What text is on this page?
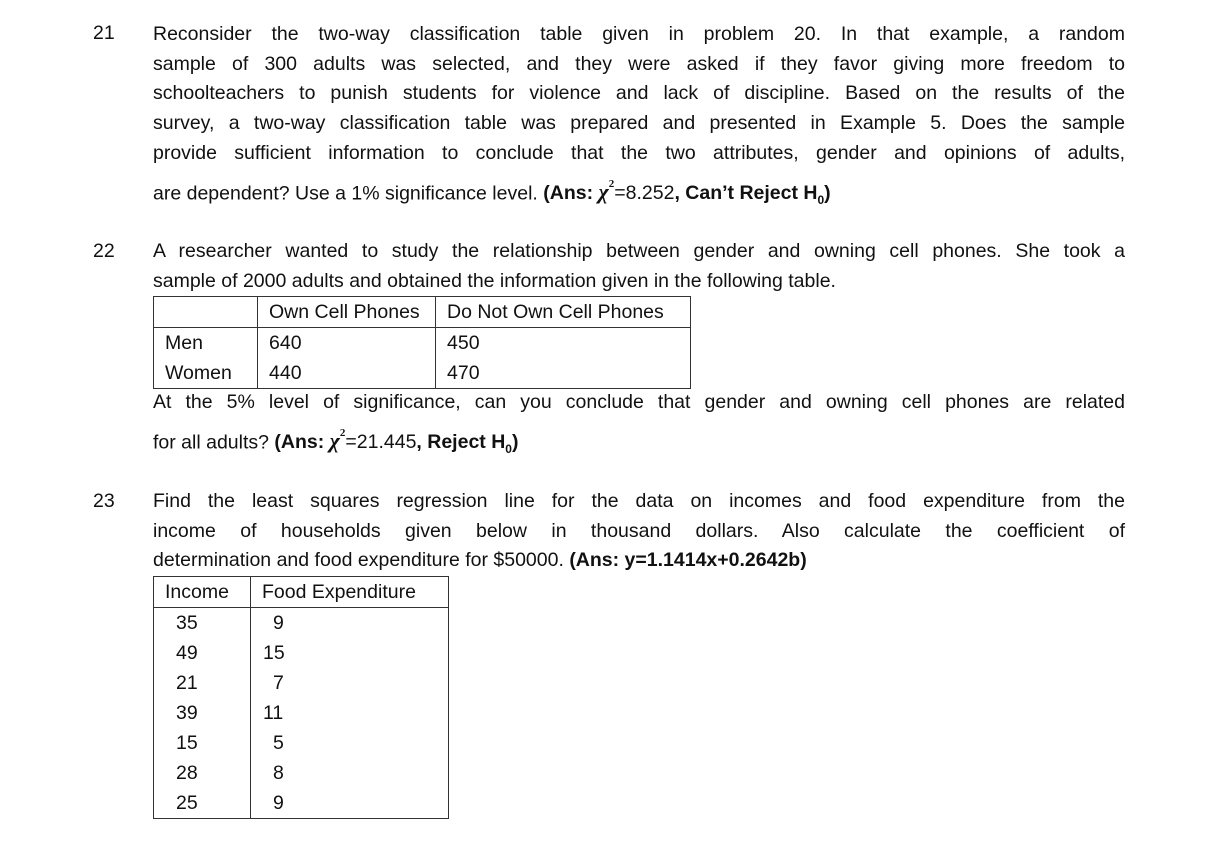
21 Reconsider the two-way classification table given in problem 20. In that example, a random
sample of 300 adults was selected, and they were asked if they favor giving more freedom to
schoolteachers to punish students for violence and lack of discipline. Based on the results of the
survey, a two-way classification table was prepared and presented in Example 5. Does the sample
provide sufficient information to conclude that the two attributes, gender and opinions of adults,
are dependent? Use a 1% significance level. (Ans: $\chi^2=8.252$, Can’t Reject $H_0$)
22 A researcher wanted to study the relationship between gender and owning cell phones. She took a
sample of 2000 adults and obtained the information given in the following table.
	Own Cell Phones	Do Not Own Cell Phones
Men	640	450
Women	440	470
At the 5% level of significance, can you conclude that gender and owning cell phones are related
for all adults? (Ans: $\chi^2=21.445$, Reject $H_0$)
23 Find the least squares regression line for the data on incomes and food expenditure from the
income of households given below in thousand dollars. Also calculate the coefficient of
determination and food expenditure for $50000. (Ans: y=1.1414x+0.2642b)
Income	Food Expenditure
35	9
49	15
21	7
39	11
15	5
28	8
25	9
